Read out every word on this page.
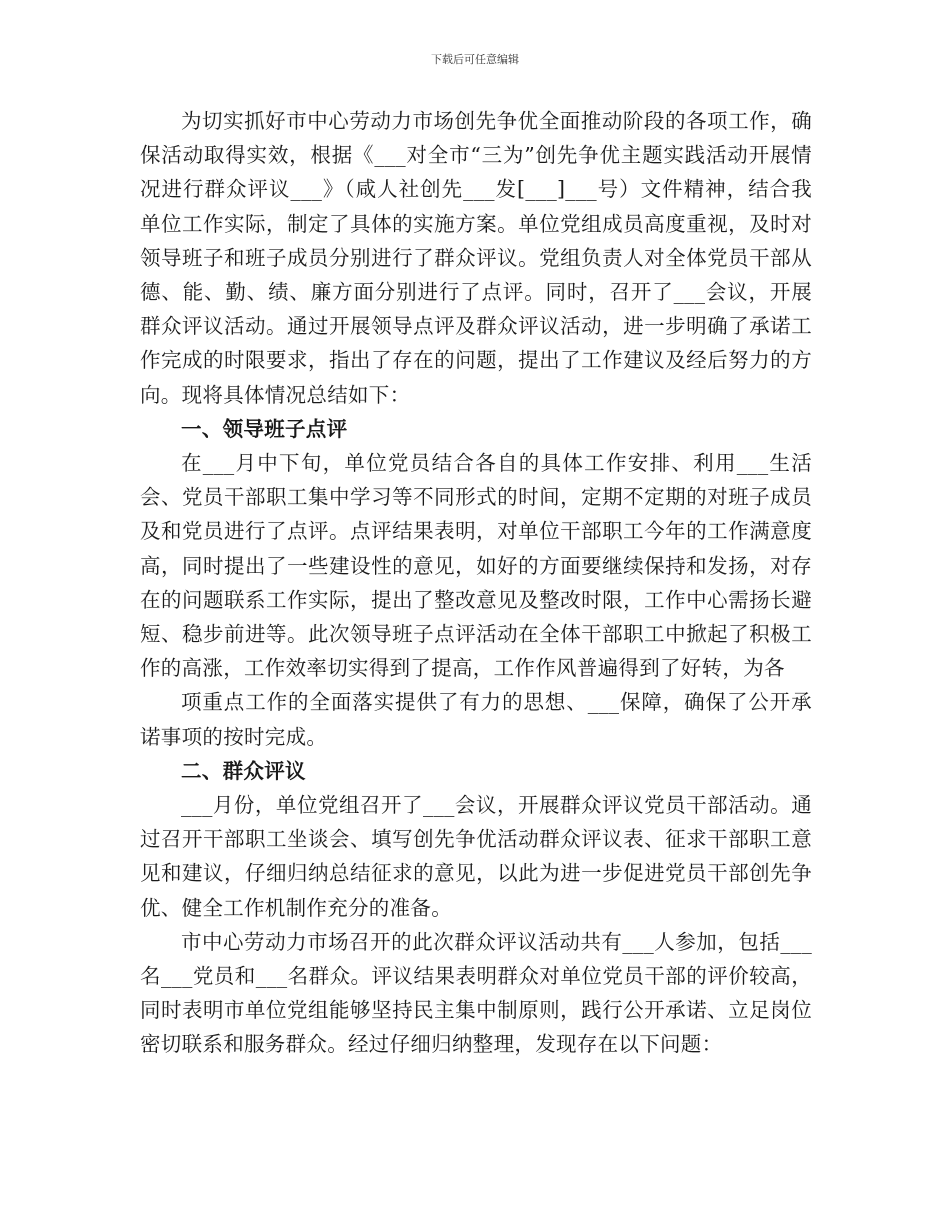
下载后可任意编辑

为切实抓好市中心劳动力市场创先争优全面推动阶段的各项工作，确保活动取得实效，根据《___对全市“三为”创先争优主题实践活动开展情况进行群众评议___》（咸人社创先___发[___]___号）文件精神，结合我单位工作实际，制定了具体的实施方案。单位党组成员高度重视，及时对领导班子和班子成员分别进行了群众评议。党组负责人对全体党员干部从德、能、勤、绩、廉方面分别进行了点评。同时，召开了___会议，开展群众评议活动。通过开展领导点评及群众评议活动，进一步明确了承诺工作完成的时限要求，指出了存在的问题，提出了工作建议及经后努力的方向。现将具体情况总结如下：

一、领导班子点评

在___月中下旬，单位党员结合各自的具体工作安排、利用___生活会、党员干部职工集中学习等不同形式的时间，定期不定期的对班子成员及和党员进行了点评。点评结果表明，对单位干部职工今年的工作满意度高，同时提出了一些建设性的意见，如好的方面要继续保持和发扬，对存在的问题联系工作实际，提出了整改意见及整改时限，工作中心需扬长避短、稳步前进等。此次领导班子点评活动在全体干部职工中掀起了积极工作的高涨，工作效率切实得到了提高，工作作风普遍得到了好转，为各

项重点工作的全面落实提供了有力的思想、___保障，确保了公开承诺事项的按时完成。

二、群众评议

___月份，单位党组召开了___会议，开展群众评议党员干部活动。通过召开干部职工坐谈会、填写创先争优活动群众评议表、征求干部职工意见和建议，仔细归纳总结征求的意见，以此为进一步促进党员干部创先争优、健全工作机制作充分的准备。

市中心劳动力市场召开的此次群众评议活动共有___人参加，包括___名___党员和___名群众。评议结果表明群众对单位党员干部的评价较高，同时表明市单位党组能够坚持民主集中制原则，践行公开承诺、立足岗位密切联系和服务群众。经过仔细归纳整理，发现存在以下问题：
